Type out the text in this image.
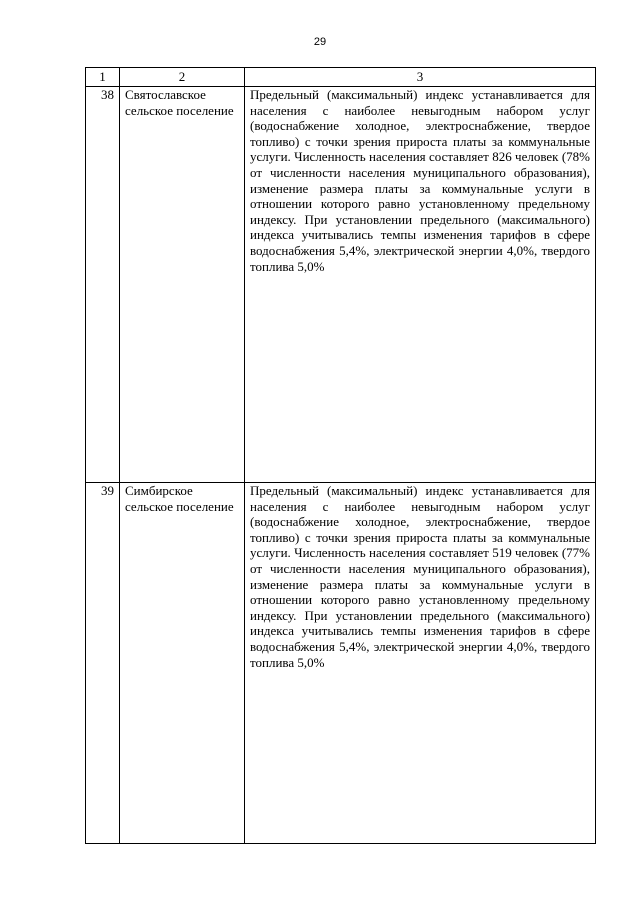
29
1	2	3
38	Святославское сельское поселение	Предельный (максимальный) индекс устанавливается для населения с наиболее невыгодным набором услуг (водоснабжение холодное, электроснабжение, твердое топливо) с точки зрения прироста платы за коммунальные услуги. Численность населения составляет 826 человек (78% от численности населения муниципального образования), изменение размера платы за коммунальные услуги в отношении которого равно установленному предельному индексу. При установлении предельного (максимального) индекса учитывались темпы изменения тарифов в сфере водоснабжения 5,4%, электрической энергии 4,0%, твердого топлива 5,0%
39	Симбирское сельское поселение	Предельный (максимальный) индекс устанавливается для населения с наиболее невыгодным набором услуг (водоснабжение холодное, электроснабжение, твердое топливо) с точки зрения прироста платы за коммунальные услуги. Численность населения составляет 519 человек (77% от численности населения муниципального образования), изменение размера платы за коммунальные услуги в отношении которого равно установленному предельному индексу. При установлении предельного (максимального) индекса учитывались темпы изменения тарифов в сфере водоснабжения 5,4%, электрической энергии 4,0%, твердого топлива 5,0%
